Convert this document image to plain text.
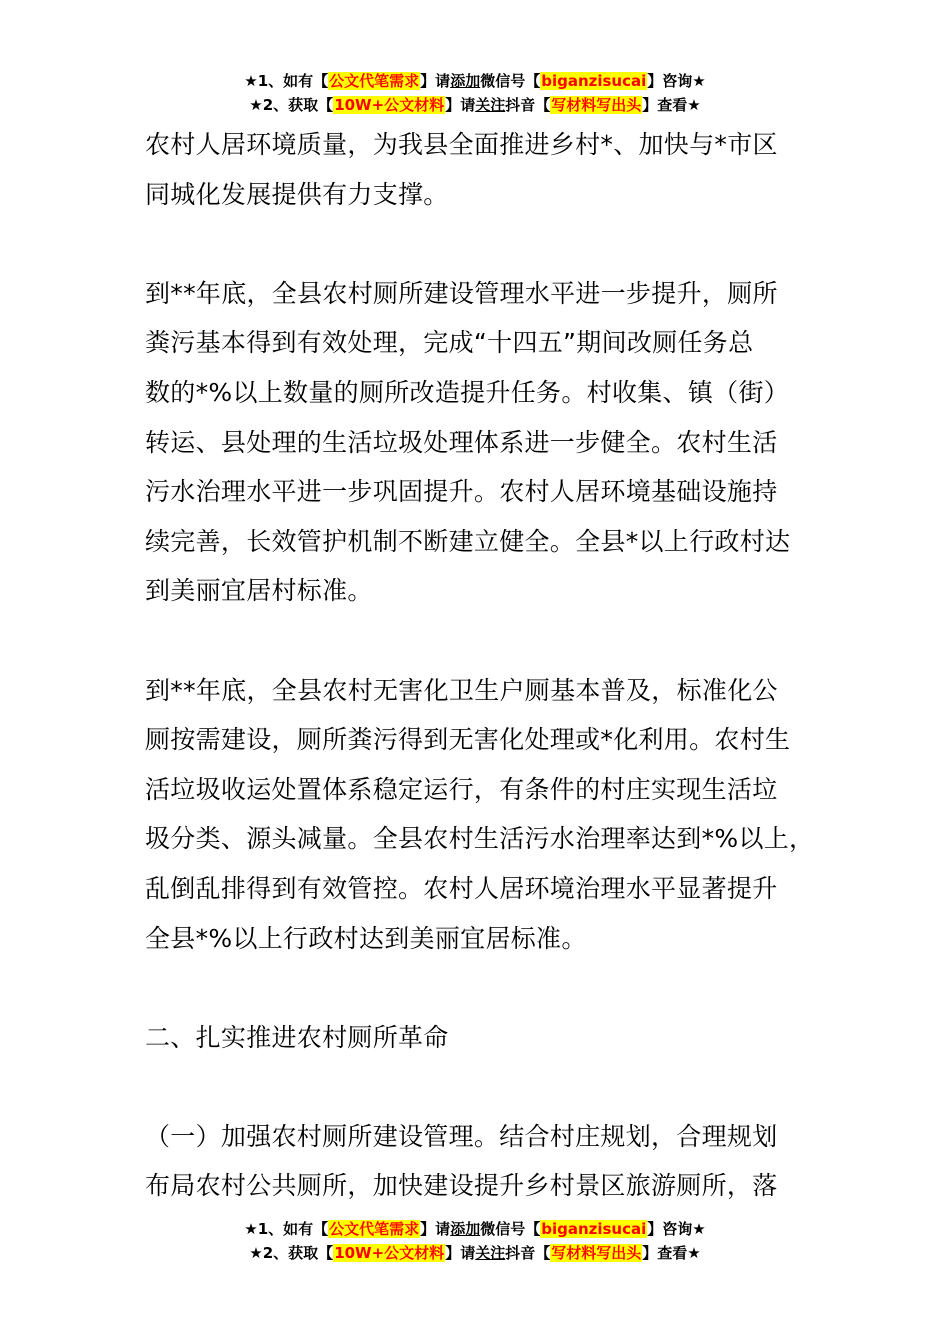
★1、如有【公文代笔需求】请添加微信号【biganzisucai】咨询★
★2、获取【10W+公文材料】请关注抖音【写材料写出头】查看★
农村人居环境质量，为我县全面推进乡村*、加快与*市区
同城化发展提供有力支撑。
到**年底，全县农村厕所建设管理水平进一步提升，厕所
粪污基本得到有效处理，完成“十四五”期间改厕任务总
数的*%以上数量的厕所改造提升任务。村收集、镇（街）
转运、县处理的生活垃圾处理体系进一步健全。农村生活
污水治理水平进一步巩固提升。农村人居环境基础设施持
续完善，长效管护机制不断建立健全。全县*以上行政村达
到美丽宜居村标准。
到**年底，全县农村无害化卫生户厕基本普及，标准化公
厕按需建设，厕所粪污得到无害化处理或*化利用。农村生
活垃圾收运处置体系稳定运行，有条件的村庄实现生活垃
圾分类、源头减量。全县农村生活污水治理率达到*%以上，
乱倒乱排得到有效管控。农村人居环境治理水平显著提升
全县*%以上行政村达到美丽宜居标准。
二、扎实推进农村厕所革命
（一）加强农村厕所建设管理。结合村庄规划，合理规划
布局农村公共厕所，加快建设提升乡村景区旅游厕所，落
★1、如有【公文代笔需求】请添加微信号【biganzisucai】咨询★
★2、获取【10W+公文材料】请关注抖音【写材料写出头】查看★
